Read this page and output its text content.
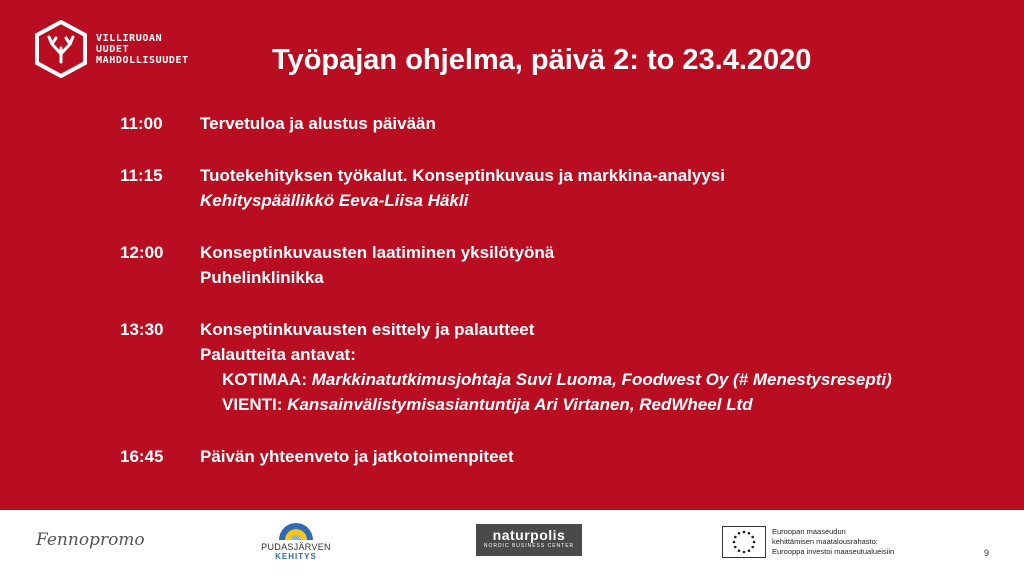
VILLIRUOAN
UUDET
MAHDOLLISUUDET	Työpajan ohjelma, päivä 2: to 23.4.2020
11:00	Tervetuloa ja alustus päivään
11:15	Tuotekehityksen työkalut. Konseptinkuvaus ja markkina-analyysi
Kehityspäällikkö Eeva-Liisa Häkli
12:00	Konseptinkuvausten laatiminen yksilötyönä
Puhelinklinikka
13:30	Konseptinkuvausten esittely ja palautteet
Palautteita antavat:
KOTIMAA: Markkinatutkimusjohtaja Suvi Luoma, Foodwest Oy (# Menestysresepti)
VIENTI: Kansainvälistymisasiantuntija Ari Virtanen, RedWheel Ltd
16:45	Päivän yhteenveto ja jatkotoimenpiteet
Fennopromo	PUDASJÄRVEN
KEHITYS
naturpolis
NORDIC BUSINESS CENTER
Euroopan maaseudun
kehittämisen maatalousrahasto:
Eurooppa investoi maaseutualueisiin	9
